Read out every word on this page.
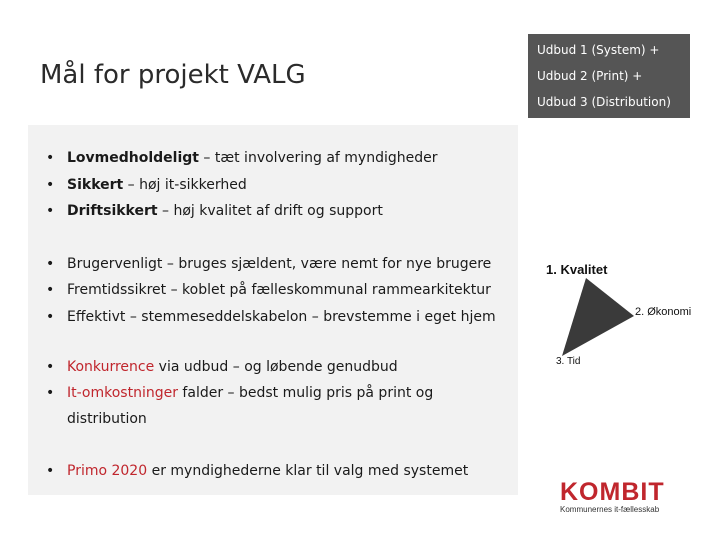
Mål for projekt VALG
Udbud 1 (System) +
Udbud 2 (Print) +
Udbud 3 (Distribution)
• Lovmedholdeligt – tæt involvering af myndigheder
• Sikkert – høj it-sikkerhed
• Driftsikkert – høj kvalitet af drift og support
• Brugervenligt – bruges sjældent, være nemt for nye brugere
• Fremtidssikret – koblet på fælleskommunal rammearkitektur
• Effektivt – stemmeseddelskabelon – brevstemme i eget hjem
• Konkurrence via udbud – og løbende genudbud
• It-omkostninger falder – bedst mulig pris på print og
distribution
• Primo 2020 er myndighederne klar til valg med systemet
1. Kvalitet
2. Økonomi
3. Tid
KOMBIT
Kommunernes it-fællesskab
